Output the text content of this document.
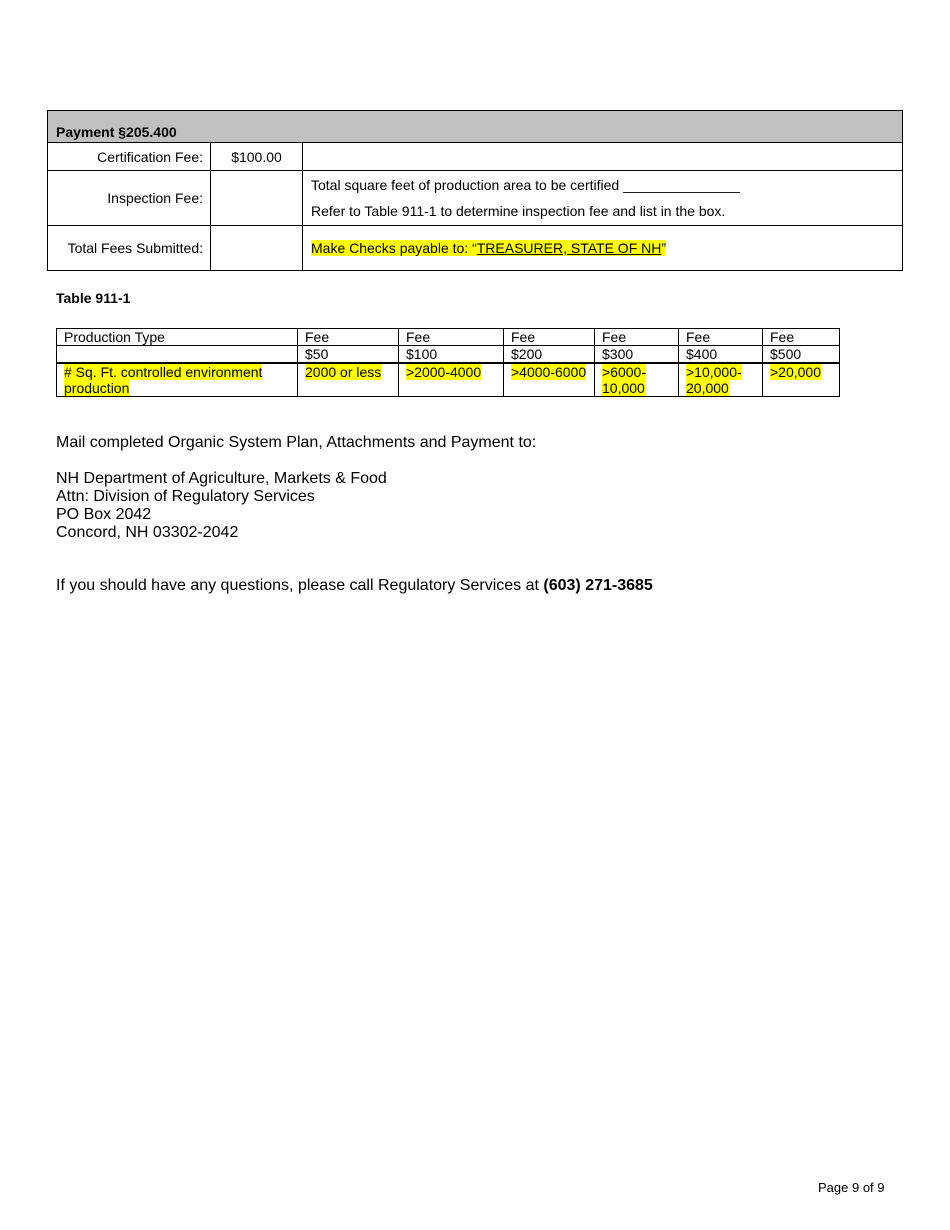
Payment §205.400		
Certification Fee:	$100.00	
Inspection Fee:		Total square feet of production area to be certified _______________
Refer to Table 911-1 to determine inspection fee and list in the box.

Total Fees Submitted:		Make Checks payable to: “TREASURER, STATE OF NH”
Table 911-1
Production Type	Fee	Fee	Fee	Fee	Fee	Fee
	$50	$100	$200	$300	$400	$500
# Sq. Ft. controlled environment production	2000 or less	>2000-4000	>4000-6000	>6000-10,000	>10,000-20,000	>20,000
Mail completed Organic System Plan, Attachments and Payment to:
NH Department of Agriculture, Markets & Food
Attn: Division of Regulatory Services
PO Box 2042
Concord, NH 03302-2042
If you should have any questions, please call Regulatory Services at (603) 271-3685
Page 9 of 9
